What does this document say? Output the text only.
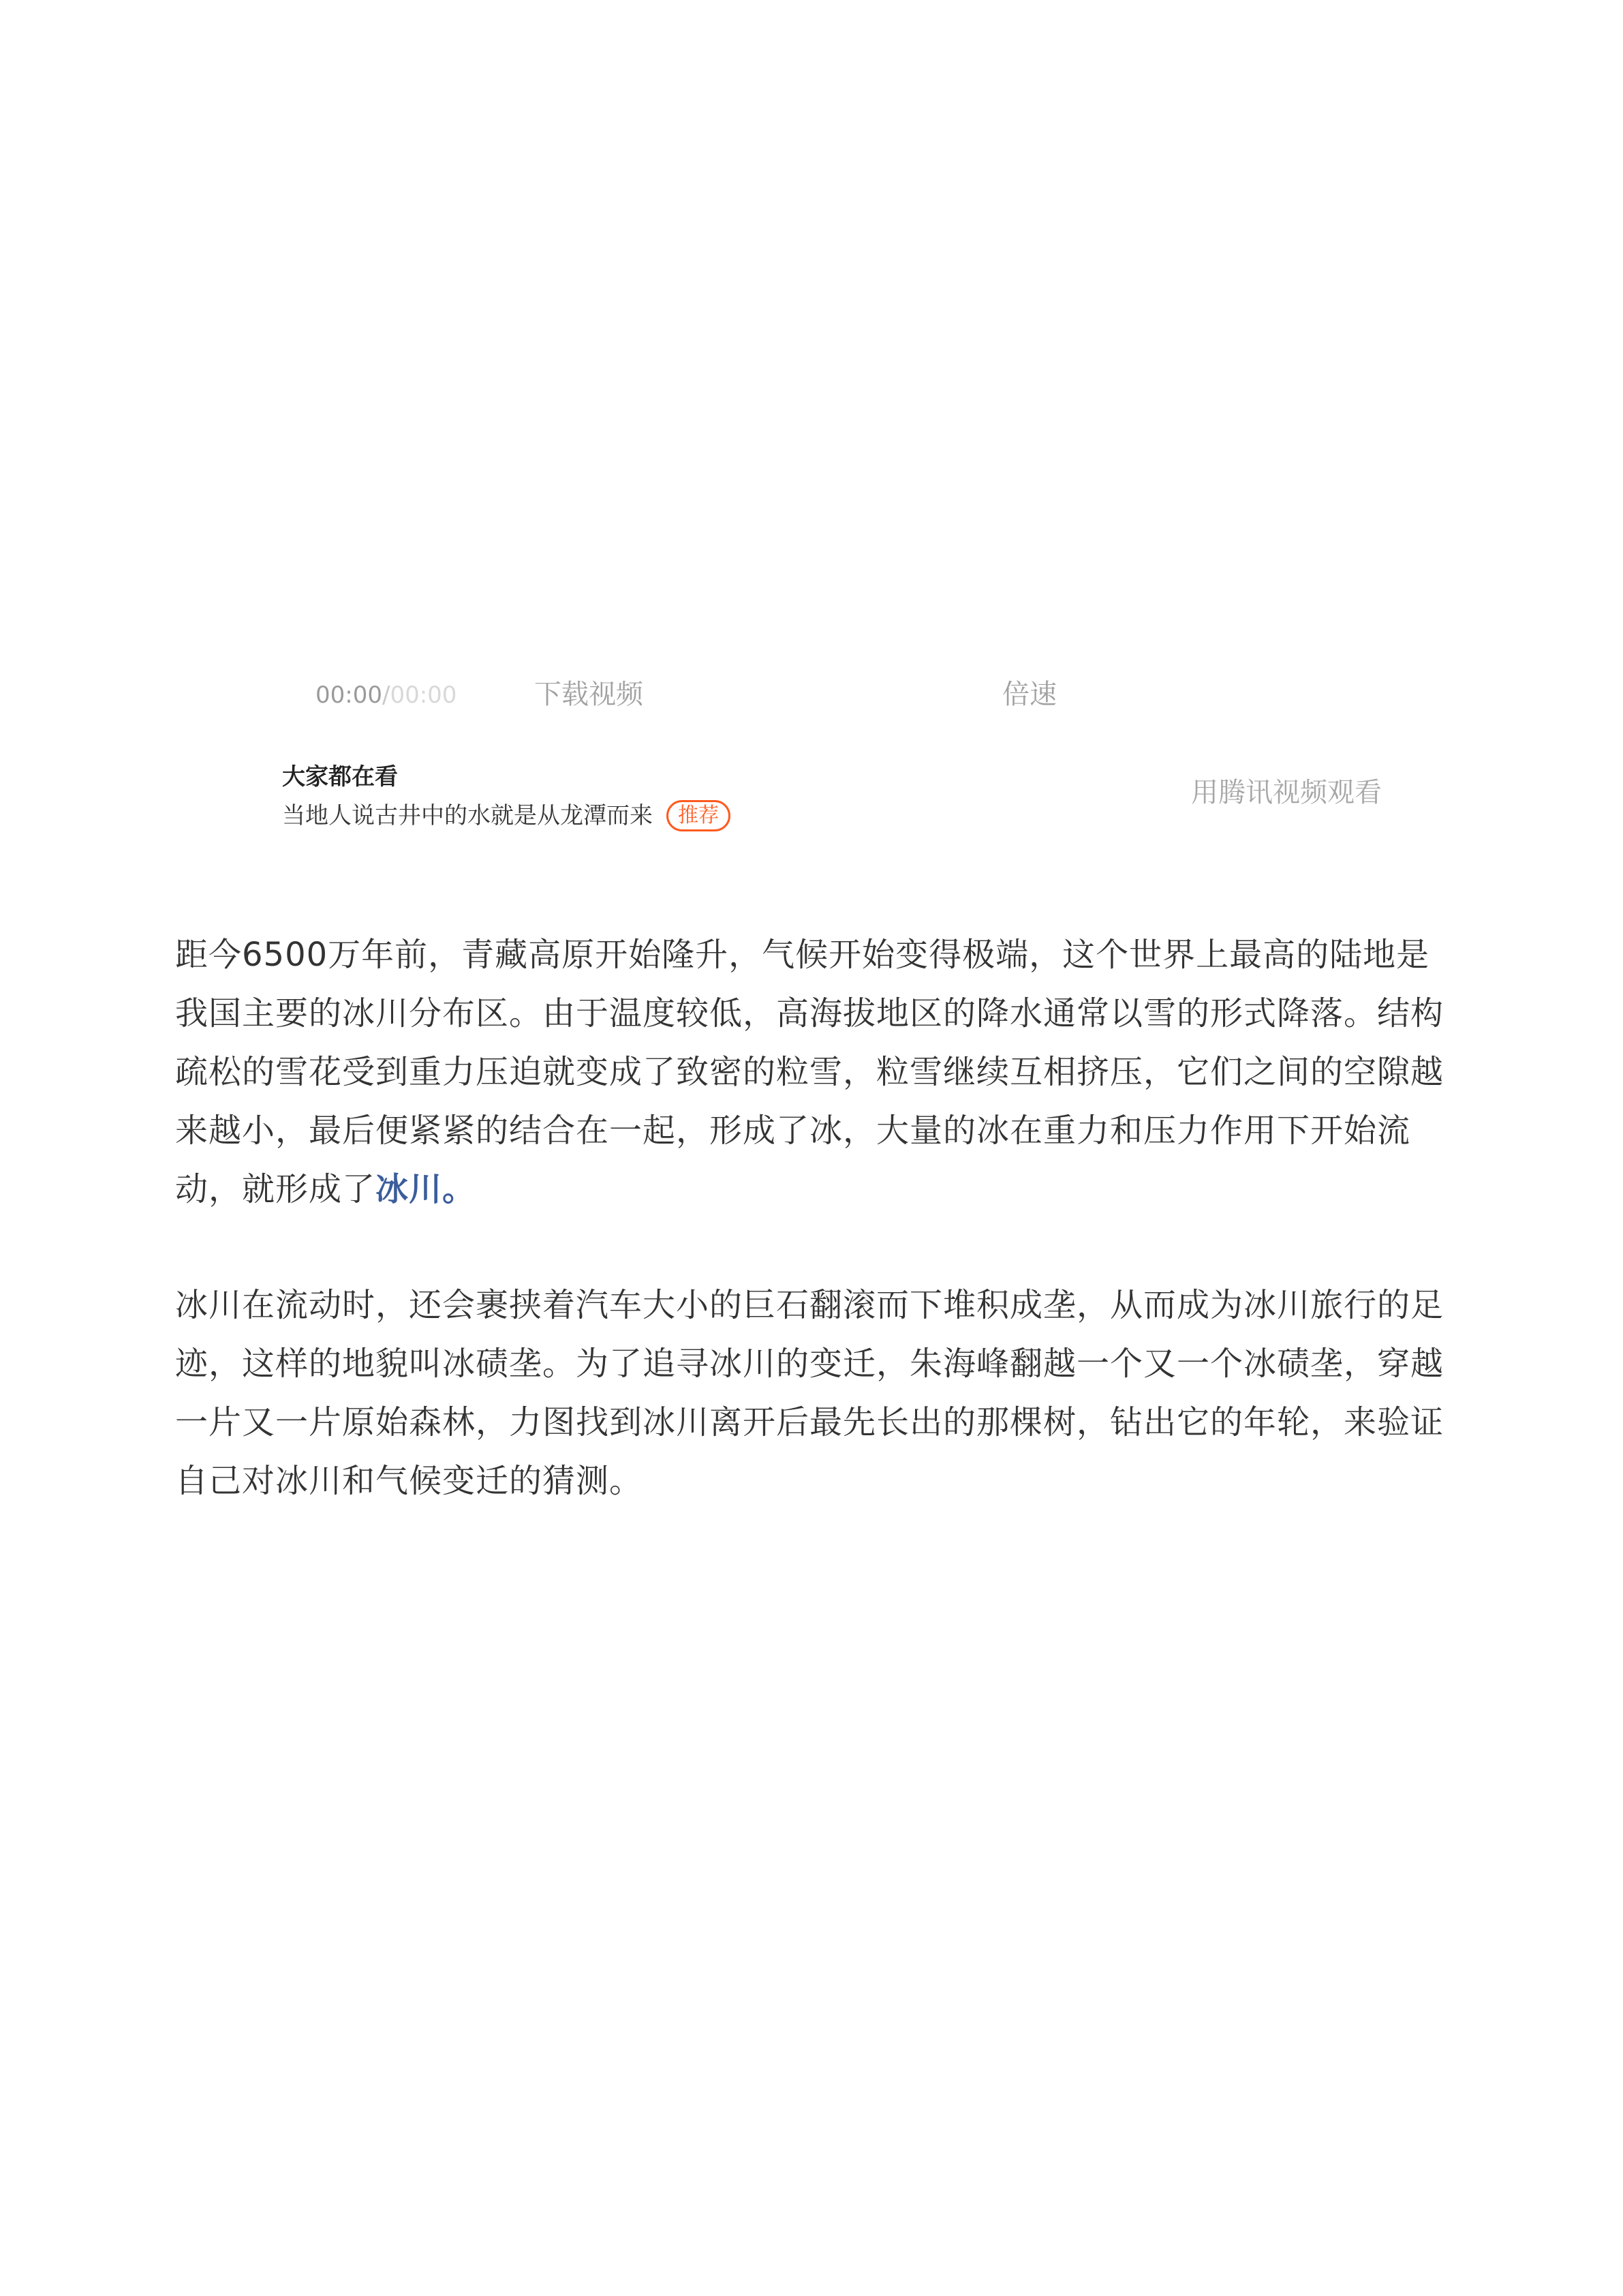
00:00/00:00	下载视频	倍速
大家都在看
当地人说古井中的水就是从龙潭而来	推荐
用腾讯视频观看

距今6500万年前，青藏高原开始隆升，气候开始变得极端，这个世界上最高的陆地是我国主要的冰川分布区。由于温度较低，高海拔地区的降水通常以雪的形式降落。结构疏松的雪花受到重力压迫就变成了致密的粒雪，粒雪继续互相挤压，它们之间的空隙越来越小，最后便紧紧的结合在一起，形成了冰，大量的冰在重力和压力作用下开始流动，就形成了冰川。

冰川在流动时，还会裹挟着汽车大小的巨石翻滚而下堆积成垄，从而成为冰川旅行的足迹，这样的地貌叫冰碛垄。为了追寻冰川的变迁，朱海峰翻越一个又一个冰碛垄，穿越一片又一片原始森林，力图找到冰川离开后最先长出的那棵树，钻出它的年轮，来验证自己对冰川和气候变迁的猜测。
